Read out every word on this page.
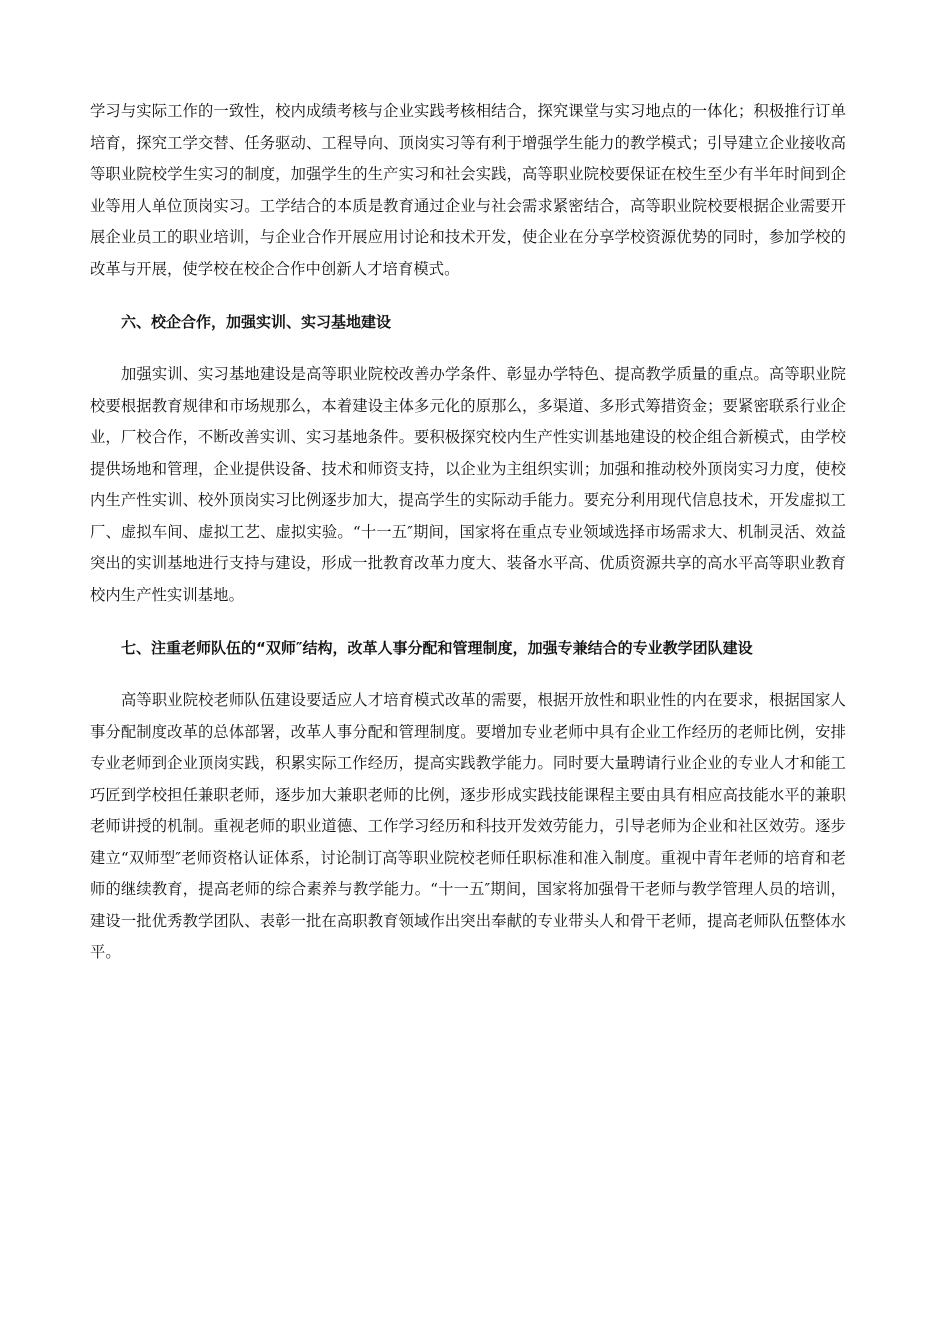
学习与实际工作的一致性，校内成绩考核与企业实践考核相结合，探究课堂与实习地点的一体化；积极推行订单培育，探究工学交替、任务驱动、工程导向、顶岗实习等有利于增强学生能力的教学模式；引导建立企业接收高等职业院校学生实习的制度，加强学生的生产实习和社会实践，高等职业院校要保证在校生至少有半年时间到企业等用人单位顶岗实习。工学结合的本质是教育通过企业与社会需求紧密结合，高等职业院校要根据企业需要开展企业员工的职业培训，与企业合作开展应用讨论和技术开发，使企业在分享学校资源优势的同时，参加学校的改革与开展，使学校在校企合作中创新人才培育模式。

六、校企合作，加强实训、实习基地建设

加强实训、实习基地建设是高等职业院校改善办学条件、彰显办学特色、提高教学质量的重点。高等职业院校要根据教育规律和市场规那么，本着建设主体多元化的原那么，多渠道、多形式筹措资金；要紧密联系行业企业，厂校合作，不断改善实训、实习基地条件。要积极探究校内生产性实训基地建设的校企组合新模式，由学校提供场地和管理，企业提供设备、技术和师资支持，以企业为主组织实训；加强和推动校外顶岗实习力度，使校内生产性实训、校外顶岗实习比例逐步加大，提高学生的实际动手能力。要充分利用现代信息技术，开发虚拟工厂、虚拟车间、虚拟工艺、虚拟实验。“十一五″期间，国家将在重点专业领域选择市场需求大、机制灵活、效益突出的实训基地进行支持与建设，形成一批教育改革力度大、装备水平高、优质资源共享的高水平高等职业教育校内生产性实训基地。

七、注重老师队伍的“双师″结构，改革人事分配和管理制度，加强专兼结合的专业教学团队建设

高等职业院校老师队伍建设要适应人才培育模式改革的需要，根据开放性和职业性的内在要求，根据国家人事分配制度改革的总体部署，改革人事分配和管理制度。要增加专业老师中具有企业工作经历的老师比例，安排专业老师到企业顶岗实践，积累实际工作经历，提高实践教学能力。同时要大量聘请行业企业的专业人才和能工巧匠到学校担任兼职老师，逐步加大兼职老师的比例，逐步形成实践技能课程主要由具有相应高技能水平的兼职老师讲授的机制。重视老师的职业道德、工作学习经历和科技开发效劳能力，引导老师为企业和社区效劳。逐步建立“双师型″老师资格认证体系，讨论制订高等职业院校老师任职标准和准入制度。重视中青年老师的培育和老师的继续教育，提高老师的综合素养与教学能力。“十一五″期间，国家将加强骨干老师与教学管理人员的培训，建设一批优秀教学团队、表彰一批在高职教育领域作出突出奉献的专业带头人和骨干老师，提高老师队伍整体水平。
